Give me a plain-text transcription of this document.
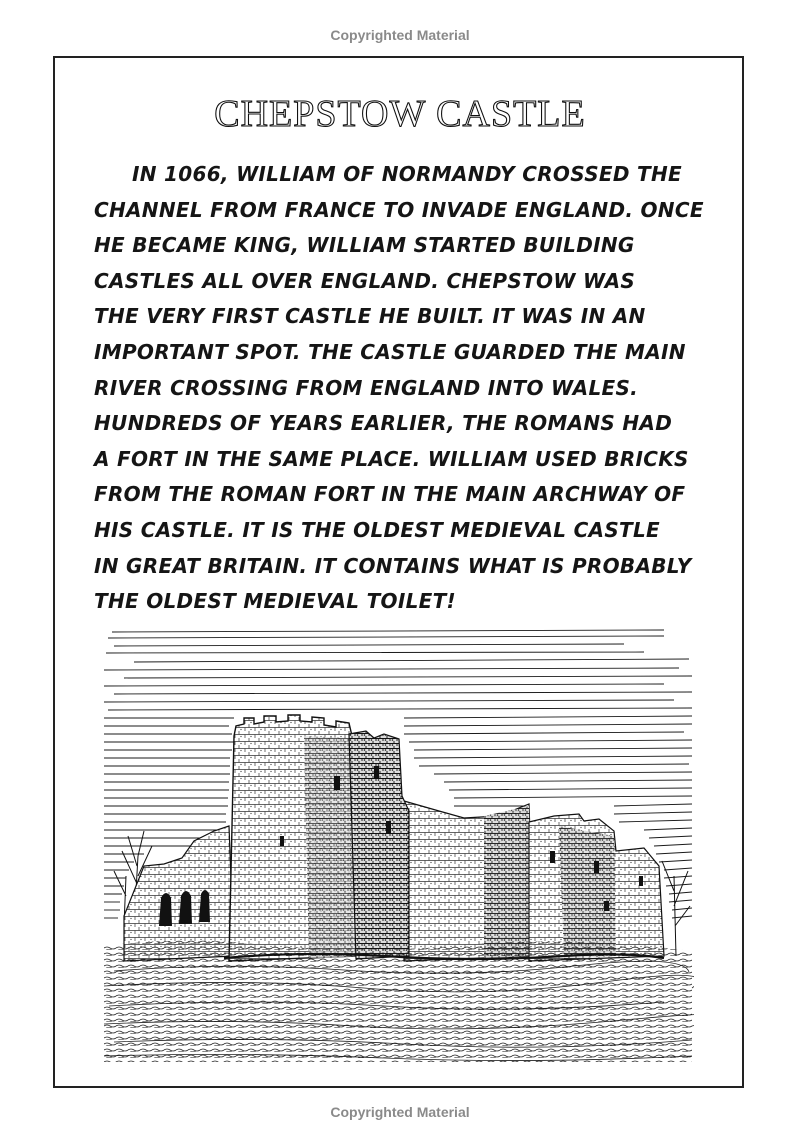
Copyrighted Material
CHEPSTOW CASTLE
IN 1066, WILLIAM OF NORMANDY CROSSED THE
CHANNEL FROM FRANCE TO INVADE ENGLAND. ONCE
HE BECAME KING, WILLIAM STARTED BUILDING
CASTLES ALL OVER ENGLAND. CHEPSTOW WAS
THE VERY FIRST CASTLE HE BUILT. IT WAS IN AN
IMPORTANT SPOT. THE CASTLE GUARDED THE MAIN
RIVER CROSSING FROM ENGLAND INTO WALES.
HUNDREDS OF YEARS EARLIER, THE ROMANS HAD
A FORT IN THE SAME PLACE. WILLIAM USED BRICKS
FROM THE ROMAN FORT IN THE MAIN ARCHWAY OF
HIS CASTLE. IT IS THE OLDEST MEDIEVAL CASTLE
IN GREAT BRITAIN. IT CONTAINS WHAT IS PROBABLY
THE OLDEST MEDIEVAL TOILET!
Copyrighted Material
